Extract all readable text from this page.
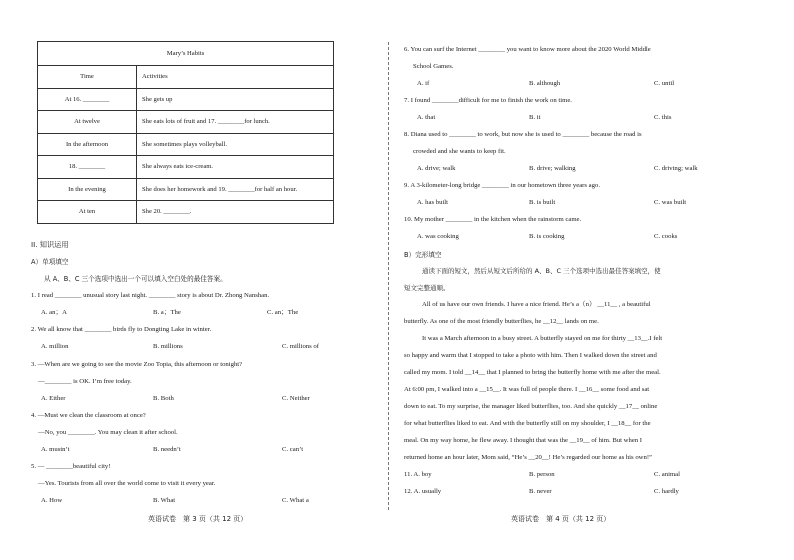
Mary’s Habits	
Time	Activities
At 16. ________	She gets up
At twelve	She eats lots of fruit and 17. ________for lunch.
In the afternoon	She sometimes plays volleyball.
18. ________	She always eats ice-cream.
In the evening	She does her homework and 19. ________for half an hour.
At ten	She 20. ________.
II. 知识运用
A）单项填空
从 A、B、C 三个选项中选出一个可以填入空白处的最佳答案。
1. I read ________ unusual story last night. ________ story is about Dr. Zhong Nanshan.
A. an；A	B. a；The	C. an；The
2. We all know that ________ birds fly to Dongting Lake in winter.
A. million	B. millions	C. millions of
3. —When are we going to see the movie Zoo Topia, this afternoon or tonight?
—________ is OK. I’m free today.
A. Either	B. Both	C. Neither
4. —Must we clean the classroom at once?
—No, you ________. You may clean it after school.
A. mustn’t	B. needn’t	C. can’t
5. — ________beautiful city!
—Yes. Tourists from all over the world come to visit it every year.
A. How	B. What	C. What a
英语试卷　第 3 页（共 12 页）
6. You can surf the Internet ________ you want to know more about the 2020 World Middle
School Games.
A. if	B. although	C. until
7. I found ________difficult for me to finish the work on time.
A. that	B. it	C. this
8. Diana used to ________ to work, but now she is used to ________ because the road is
crowded and she wants to keep fit.
A. drive; walk	B. drive; walking	C. driving; walk
9. A 3-kilometer-long bridge ________ in our hometown three years ago.
A. has built	B. is built	C. was built
10. My mother ________ in the kitchen when the rainstorm came.
A. was cooking	B. is cooking	C. cooks
B）完形填空
通读下面的短文，然后从短文后所给的 A、B、C 三个选项中选出最佳答案填空，使
短文完整通顺。
All of us have our own friends. I have a nice friend. He’s a（n） __11__ , a beautiful
butterfly. As one of the most friendly butterflies, he __12__ lands on me.
It was a March afternoon in a busy street. A butterfly stayed on me for thirty __13__.I felt
so happy and warm that I stopped to take a photo with him. Then I walked down the street and
called my mom. I told __14__ that I planned to bring the butterfly home with me after the meal.
At 6:00 pm, I walked into a __15__. It was full of people there. I __16__ some food and sat
down to eat. To my surprise, the manager liked butterflies, too. And she quickly __17__ online
for what butterflies liked to eat. And with the butterfly still on my shoulder, I __18__ for the
meal. On my way home, he flew away. I thought that was the __19__ of him. But when I
returned home an hour later, Mom said, “He’s __20__! He’s regarded our home as his own!”
11. A. boy	B. person	C. animal
12. A. usually	B. never	C. hardly
英语试卷　第 4 页（共 12 页）
